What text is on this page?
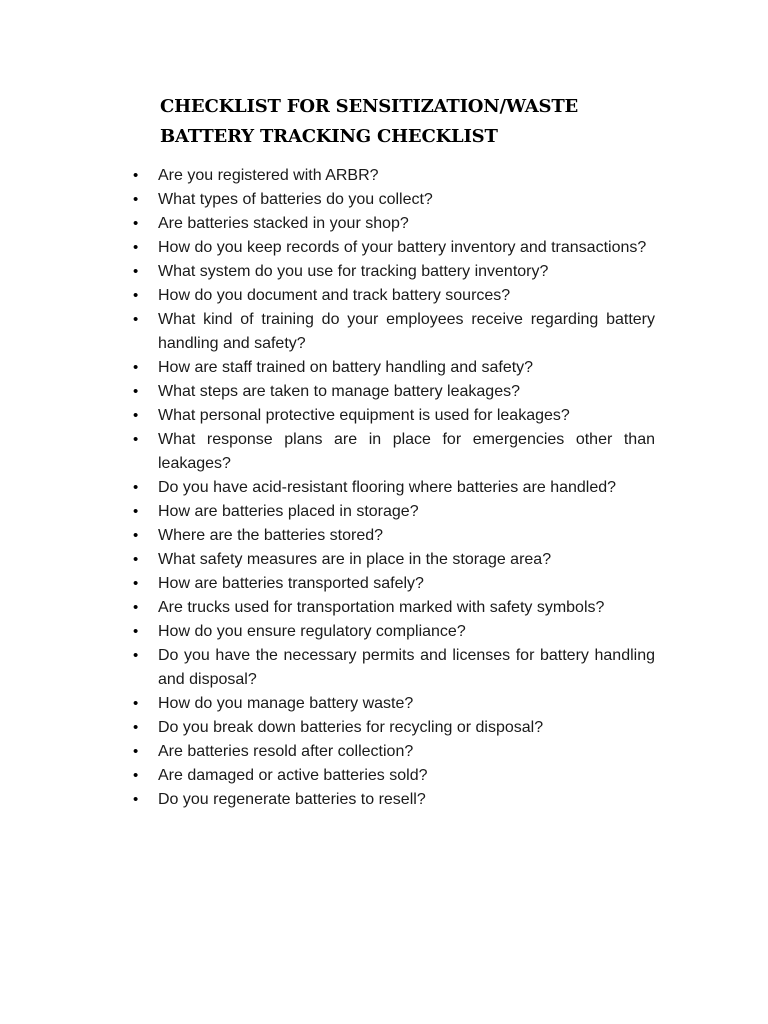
CHECKLIST FOR SENSITIZATION/WASTE BATTERY TRACKING CHECKLIST
• Are you registered with ARBR?
• What types of batteries do you collect?
• Are batteries stacked in your shop?
• How do you keep records of your battery inventory and transactions?
• What system do you use for tracking battery inventory?
• How do you document and track battery sources?
• What kind of training do your employees receive regarding battery handling and safety?
• How are staff trained on battery handling and safety?
• What steps are taken to manage battery leakages?
• What personal protective equipment is used for leakages?
• What response plans are in place for emergencies other than leakages?
• Do you have acid-resistant flooring where batteries are handled?
• How are batteries placed in storage?
• Where are the batteries stored?
• What safety measures are in place in the storage area?
• How are batteries transported safely?
• Are trucks used for transportation marked with safety symbols?
• How do you ensure regulatory compliance?
• Do you have the necessary permits and licenses for battery handling and disposal?
• How do you manage battery waste?
• Do you break down batteries for recycling or disposal?
• Are batteries resold after collection?
• Are damaged or active batteries sold?
• Do you regenerate batteries to resell?
